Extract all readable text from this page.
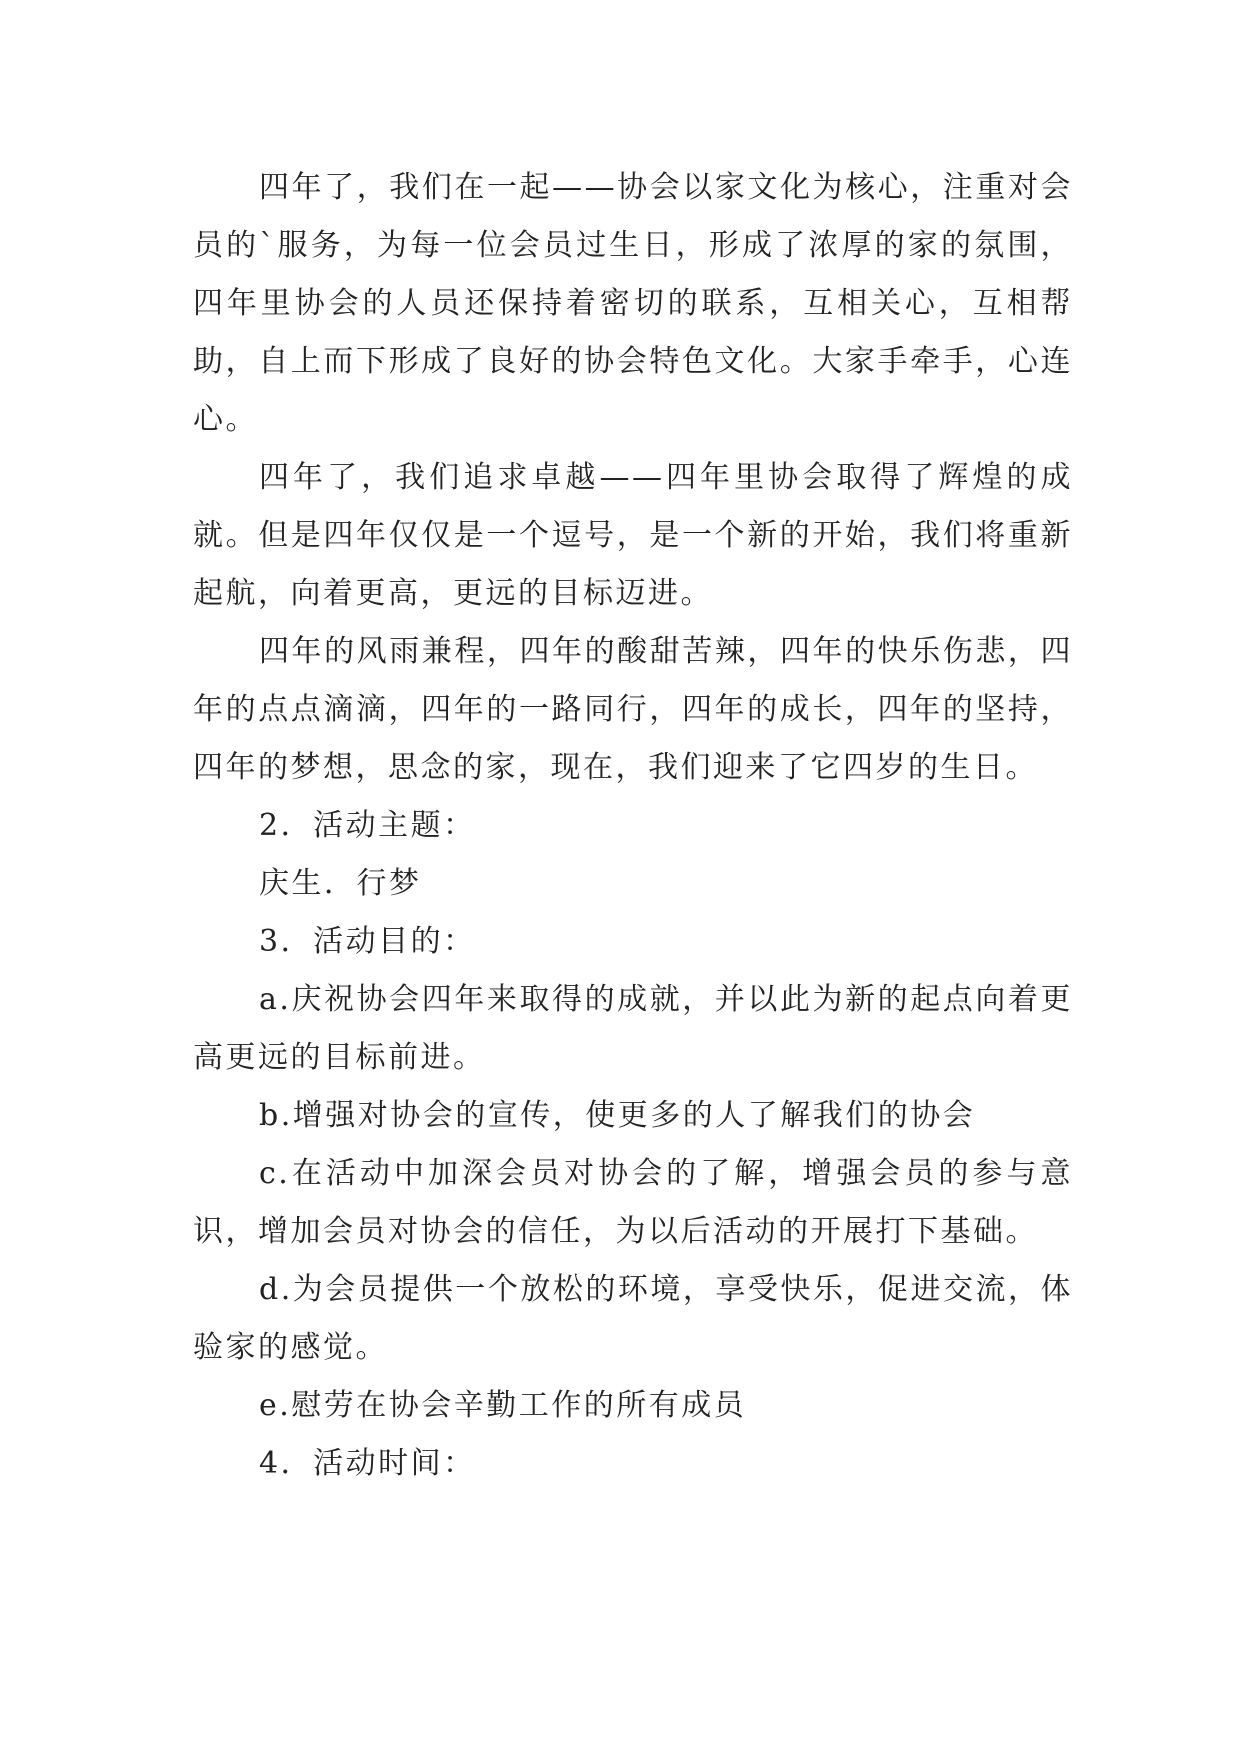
四年了，我们在一起——协会以家文化为核心，注重对会员的`服务，为每一位会员过生日，形成了浓厚的家的氛围，四年里协会的人员还保持着密切的联系，互相关心，互相帮助，自上而下形成了良好的协会特色文化。大家手牵手，心连心。

四年了，我们追求卓越——四年里协会取得了辉煌的成就。但是四年仅仅是一个逗号，是一个新的开始，我们将重新起航，向着更高，更远的目标迈进。

四年的风雨兼程，四年的酸甜苦辣，四年的快乐伤悲，四年的点点滴滴，四年的一路同行，四年的成长，四年的坚持，四年的梦想，思念的家，现在，我们迎来了它四岁的生日。

2．活动主题：

庆生．行梦

3．活动目的：

a.庆祝协会四年来取得的成就，并以此为新的起点向着更高更远的目标前进。

b.增强对协会的宣传，使更多的人了解我们的协会

c.在活动中加深会员对协会的了解，增强会员的参与意识，增加会员对协会的信任，为以后活动的开展打下基础。

d.为会员提供一个放松的环境，享受快乐，促进交流，体验家的感觉。

e.慰劳在协会辛勤工作的所有成员

4．活动时间：
